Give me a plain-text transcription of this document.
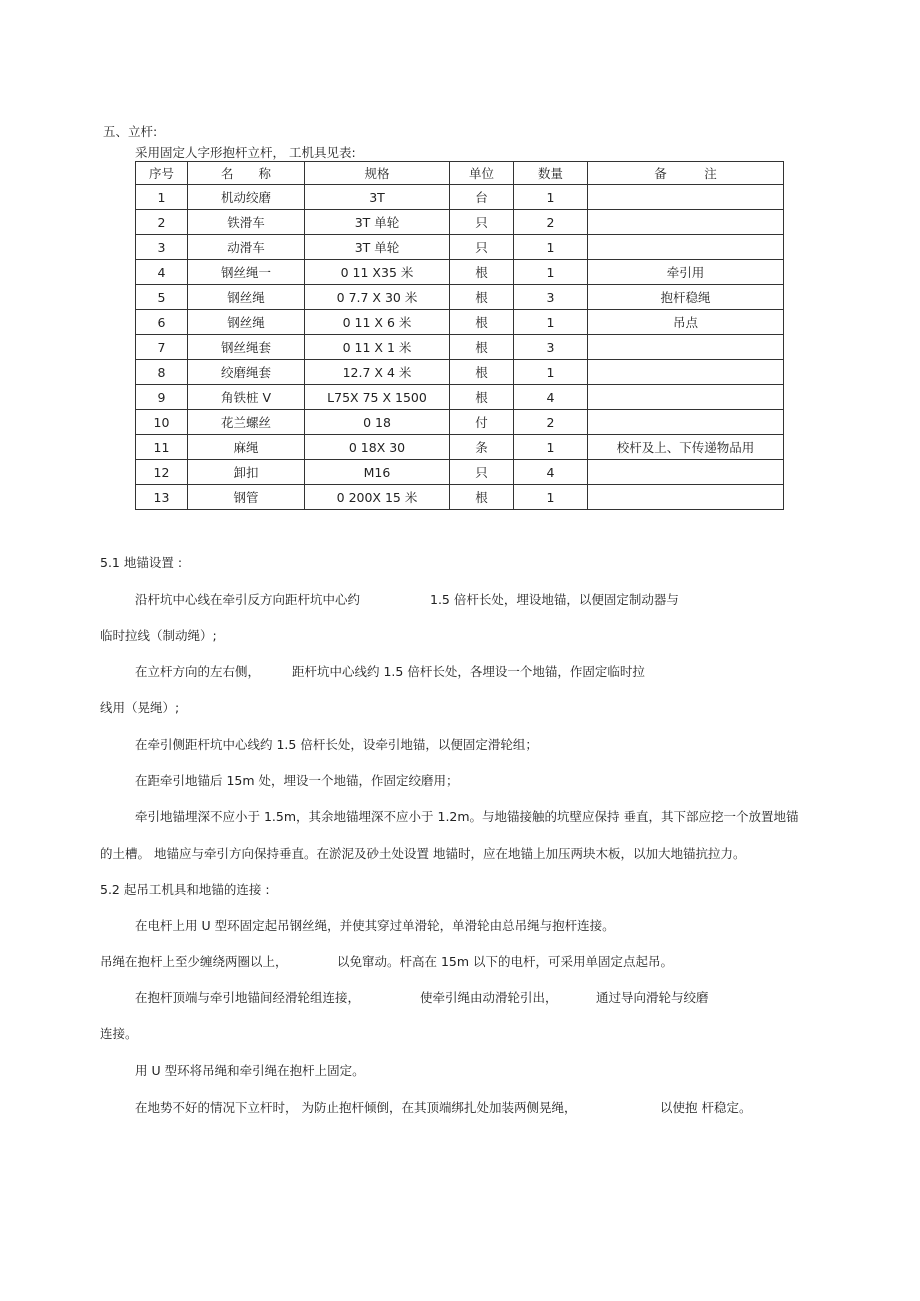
五、立杆:
采用固定人字形抱杆立杆， 工机具见表:
序号	名　　称	规格	单位	数量	备　　　注
1	机动绞磨	3T	台	1	
2	铁滑车	3T 单轮	只	2	
3	动滑车	3T 单轮	只	1	
4	钢丝绳一	0 11 X35 米	根	1	牵引用
5	钢丝绳	0 7.7 X 30 米	根	3	抱杆稳绳
6	钢丝绳	0 11 X 6 米	根	1	吊点
7	钢丝绳套	0 11 X 1 米	根	3	
8	绞磨绳套	12.7 X 4 米	根	1	
9	角铁桩 V	L75X 75 X 1500	根	4	
10	花兰螺丝	0 18	付	2	
11	麻绳	0 18X 30	条	1	校杆及上、下传递物品用
12	卸扣	M16	只	4	
13	钢管	0 200X 15 米	根	1	
5.1 地锚设置 :
沿杆坑中心线在牵引反方向距杆坑中心约	1.5 倍杆长处，埋设地锚，以便固定制动器与
临时拉线（制动绳）;
在立杆方向的左右侧，	距杆坑中心线约 1.5 倍杆长处，各埋设一个地锚，作固定临时拉
线用（晃绳）;
在牵引侧距杆坑中心线约 1.5 倍杆长处，设牵引地锚，以便固定滑轮组；
在距牵引地锚后 15m 处，埋设一个地锚，作固定绞磨用；
牵引地锚埋深不应小于 1.5m，其余地锚埋深不应小于 1.2m。与地锚接触的坑壁应保持 垂直，其下部应挖一个放置地锚
的土槽。 地锚应与牵引方向保持垂直。在淤泥及砂土处设置 地锚时，应在地锚上加压两块木板，以加大地锚抗拉力。
5.2 起吊工机具和地锚的连接 :
在电杆上用 U 型环固定起吊钢丝绳，并使其穿过单滑轮，单滑轮由总吊绳与抱杆连接。
吊绳在抱杆上至少缠绕两圈以上，	以免窜动。杆高在 15m 以下的电杆，可采用单固定点起吊。
在抱杆顶端与牵引地锚间经滑轮组连接，	使牵引绳由动滑轮引出，	通过导向滑轮与绞磨
连接。
用 U 型环将吊绳和牵引绳在抱杆上固定。
在地势不好的情况下立杆时， 为防止抱杆倾倒，在其顶端绑扎处加装两侧晃绳，	以使抱 杆稳定。
